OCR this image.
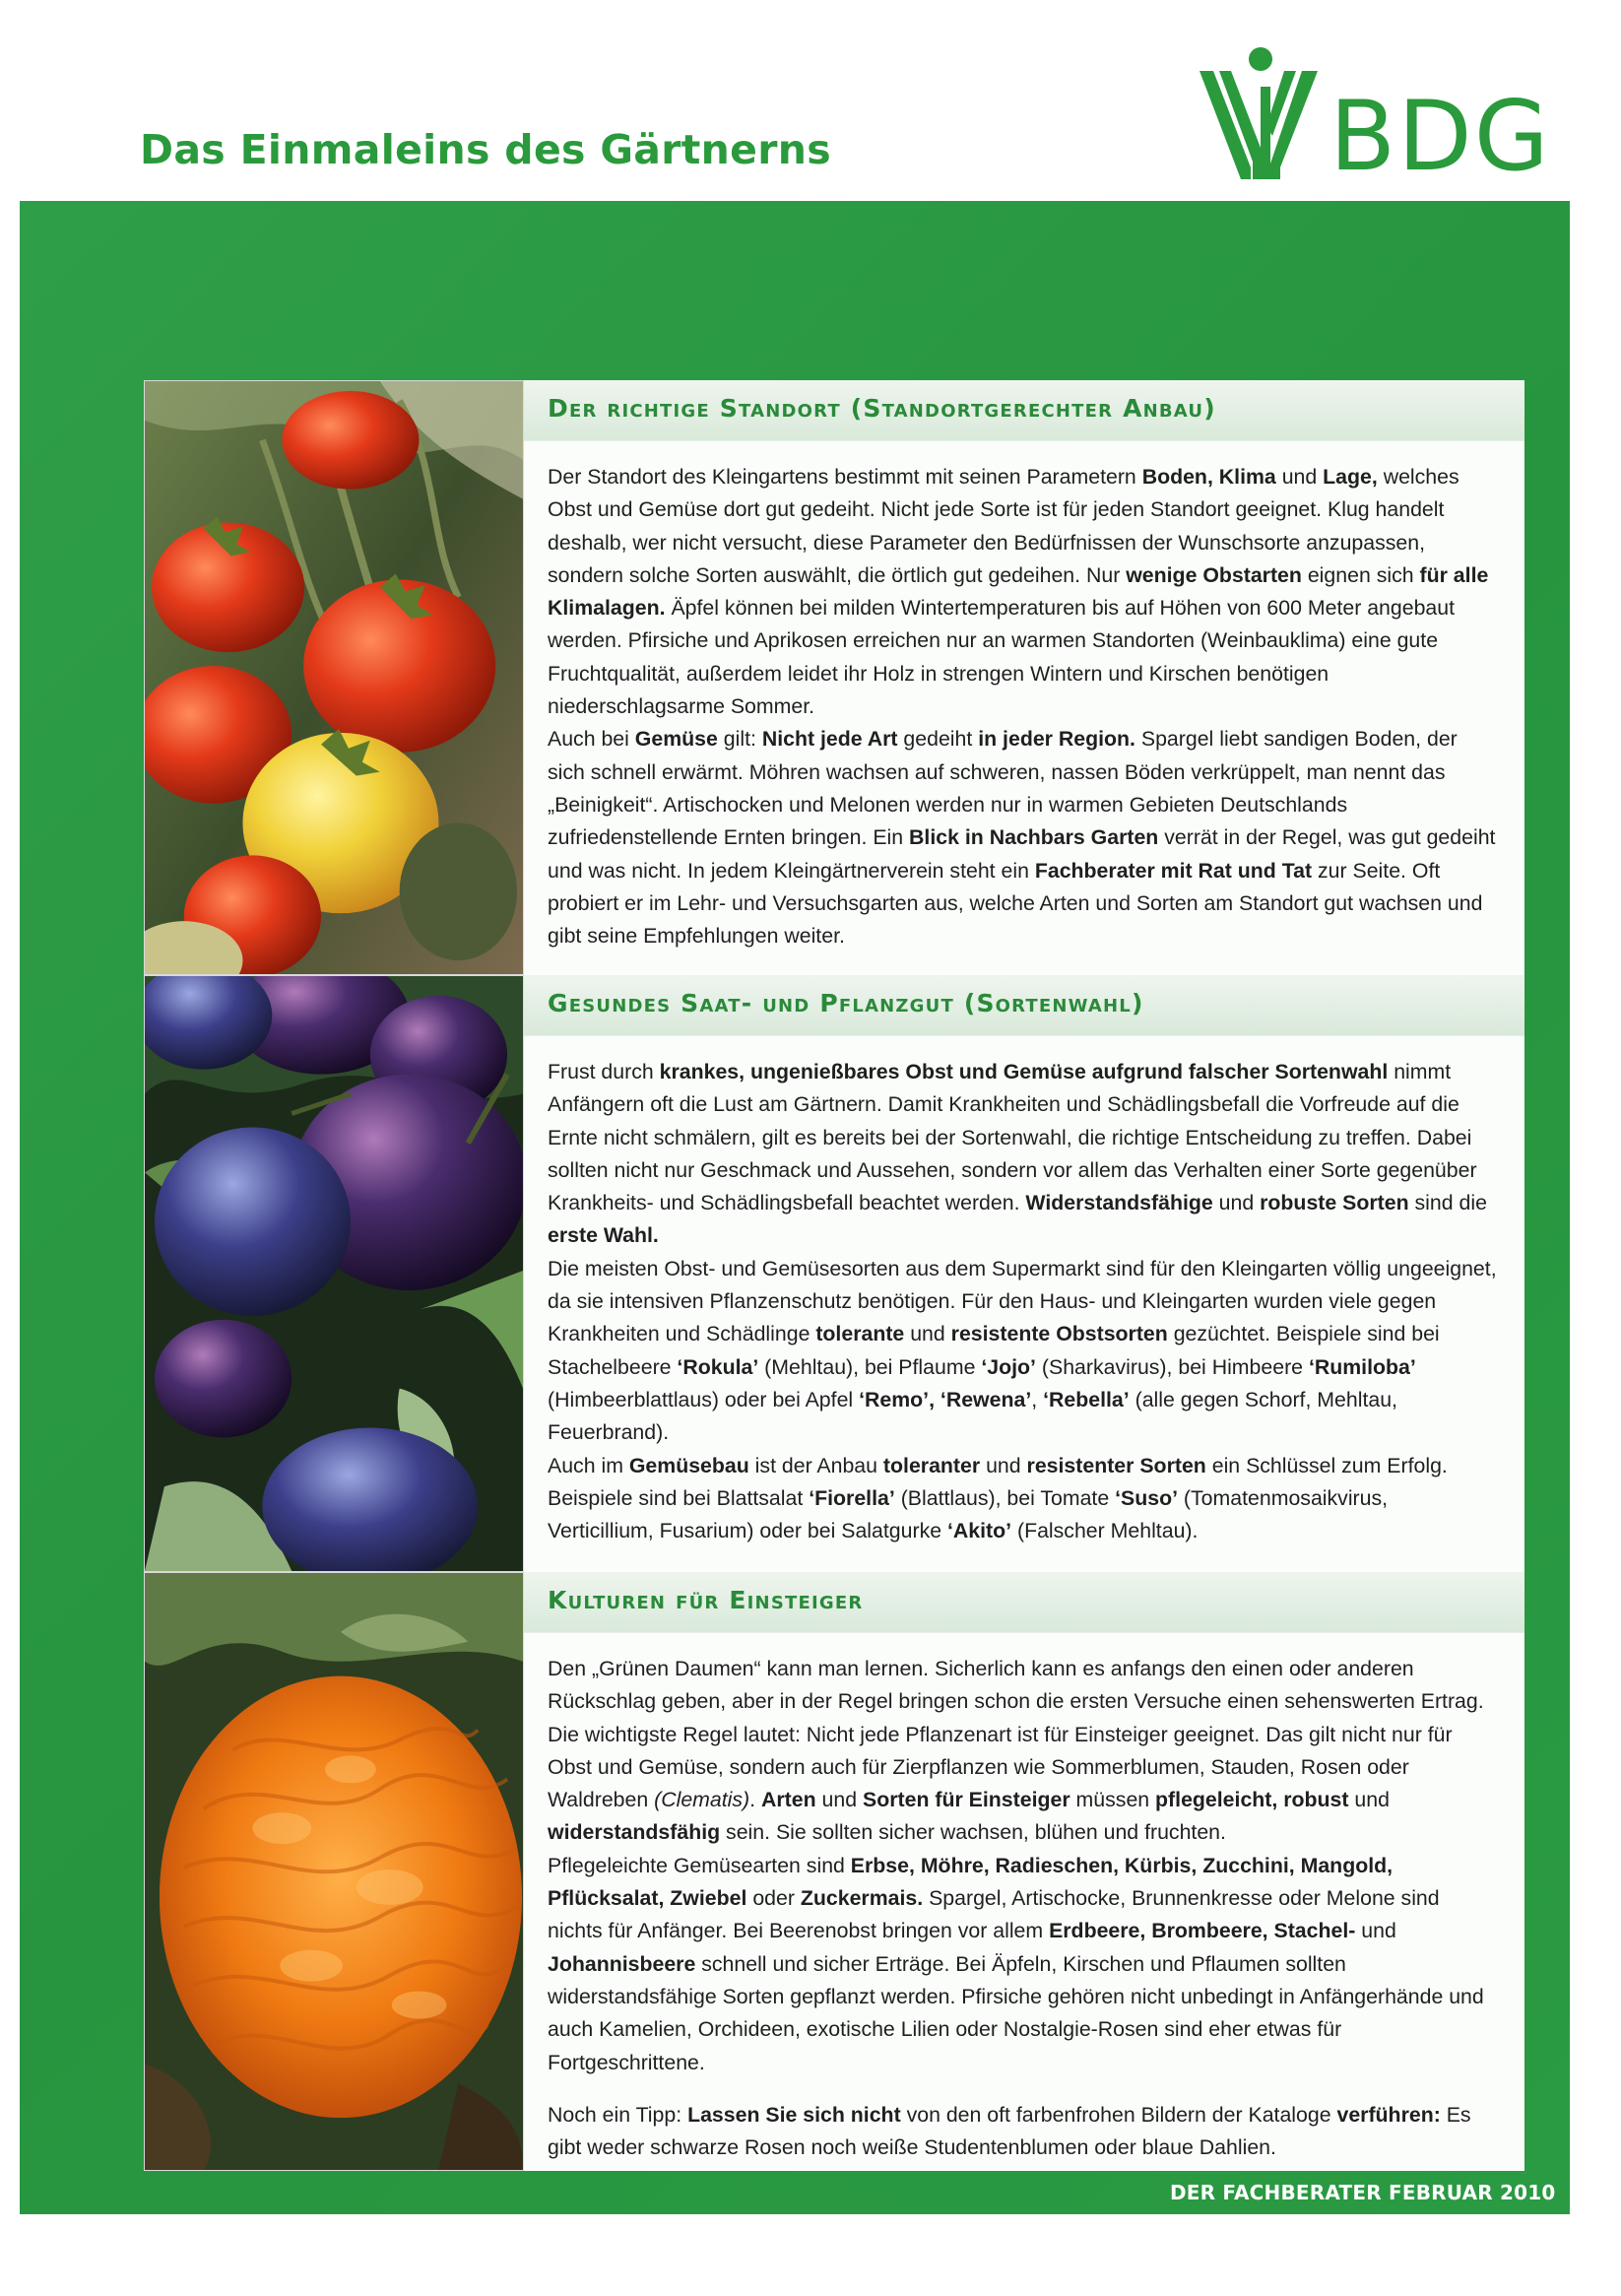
Das Einmaleins des Gärtnerns	BDG
Der richtige Standort (Standortgerechter Anbau)

Der Standort des Kleingartens bestimmt mit seinen Parametern Boden, Klima und Lage, welches Obst und Gemüse dort gut gedeiht. Nicht jede Sorte ist für jeden Standort geeignet. Klug handelt deshalb, wer nicht versucht, diese Parameter den Bedürfnissen der Wunschsorte anzupassen, sondern solche Sorten auswählt, die örtlich gut gedeihen. Nur wenige Obstarten eignen sich für alle Klimalagen. Äpfel können bei milden Wintertemperaturen bis auf Höhen von 600 Meter angebaut werden. Pfirsiche und Aprikosen erreichen nur an warmen Standorten (Weinbauklima) eine gute Fruchtqualität, außerdem leidet ihr Holz in strengen Wintern und Kirschen benötigen niederschlagsarme Sommer.

Auch bei Gemüse gilt: Nicht jede Art gedeiht in jeder Region. Spargel liebt sandigen Boden, der sich schnell erwärmt. Möhren wachsen auf schweren, nassen Böden verkrüppelt, man nennt das „Beinigkeit“. Artischocken und Melonen werden nur in warmen Gebieten Deutschlands zufriedenstellende Ernten bringen. Ein Blick in Nachbars Garten verrät in der Regel, was gut gedeiht und was nicht. In jedem Kleingärtnerverein steht ein Fachberater mit Rat und Tat zur Seite. Oft probiert er im Lehr- und Versuchsgarten aus, welche Arten und Sorten am Standort gut wachsen und gibt seine Empfehlungen weiter.

Gesundes Saat- und Pflanzgut (Sortenwahl)

Frust durch krankes, ungenießbares Obst und Gemüse aufgrund falscher Sortenwahl nimmt Anfängern oft die Lust am Gärtnern. Damit Krankheiten und Schädlingsbefall die Vorfreude auf die Ernte nicht schmälern, gilt es bereits bei der Sortenwahl, die richtige Entscheidung zu treffen. Dabei sollten nicht nur Geschmack und Aussehen, sondern vor allem das Verhalten einer Sorte gegenüber Krankheits- und Schädlingsbefall beachtet werden. Widerstandsfähige und robuste Sorten sind die erste Wahl.

Die meisten Obst- und Gemüsesorten aus dem Supermarkt sind für den Kleingarten völlig ungeeignet, da sie intensiven Pflanzenschutz benötigen. Für den Haus- und Kleingarten wurden viele gegen Krankheiten und Schädlinge tolerante und resistente Obstsorten gezüchtet. Beispiele sind bei Stachelbeere ‘Rokula’ (Mehltau), bei Pflaume ‘Jojo’ (Sharkavirus), bei Himbeere ‘Rumiloba’ (Himbeerblattlaus) oder bei Apfel ‘Remo’, ‘Rewena’, ‘Rebella’ (alle gegen Schorf, Mehltau, Feuerbrand).

Auch im Gemüsebau ist der Anbau toleranter und resistenter Sorten ein Schlüssel zum Erfolg. Beispiele sind bei Blattsalat ‘Fiorella’ (Blattlaus), bei Tomate ‘Suso’ (Tomatenmosaikvirus, Verticillium, Fusarium) oder bei Salatgurke ‘Akito’ (Falscher Mehltau).

Kulturen für Einsteiger

Den „Grünen Daumen“ kann man lernen. Sicherlich kann es anfangs den einen oder anderen Rückschlag geben, aber in der Regel bringen schon die ersten Versuche einen sehenswerten Ertrag. Die wichtigste Regel lautet: Nicht jede Pflanzenart ist für Einsteiger geeignet. Das gilt nicht nur für Obst und Gemüse, sondern auch für Zierpflanzen wie Sommerblumen, Stauden, Rosen oder Waldreben (Clematis). Arten und Sorten für Einsteiger müssen pflegeleicht, robust und widerstandsfähig sein. Sie sollten sicher wachsen, blühen und fruchten.

Pflegeleichte Gemüsearten sind Erbse, Möhre, Radieschen, Kürbis, Zucchini, Mangold, Pflücksalat, Zwiebel oder Zuckermais. Spargel, Artischocke, Brunnenkresse oder Melone sind nichts für Anfänger. Bei Beerenobst bringen vor allem Erdbeere, Brombeere, Stachel- und Johannisbeere schnell und sicher Erträge. Bei Äpfeln, Kirschen und Pflaumen sollten widerstandsfähige Sorten gepflanzt werden. Pfirsiche gehören nicht unbedingt in Anfängerhände und auch Kamelien, Orchideen, exotische Lilien oder Nostalgie-Rosen sind eher etwas für Fortgeschrittene.

Noch ein Tipp: Lassen Sie sich nicht von den oft farbenfrohen Bildern der Kataloge verführen: Es gibt weder schwarze Rosen noch weiße Studentenblumen oder blaue Dahlien.

DER FACHBERATER FEBRUAR 2010
